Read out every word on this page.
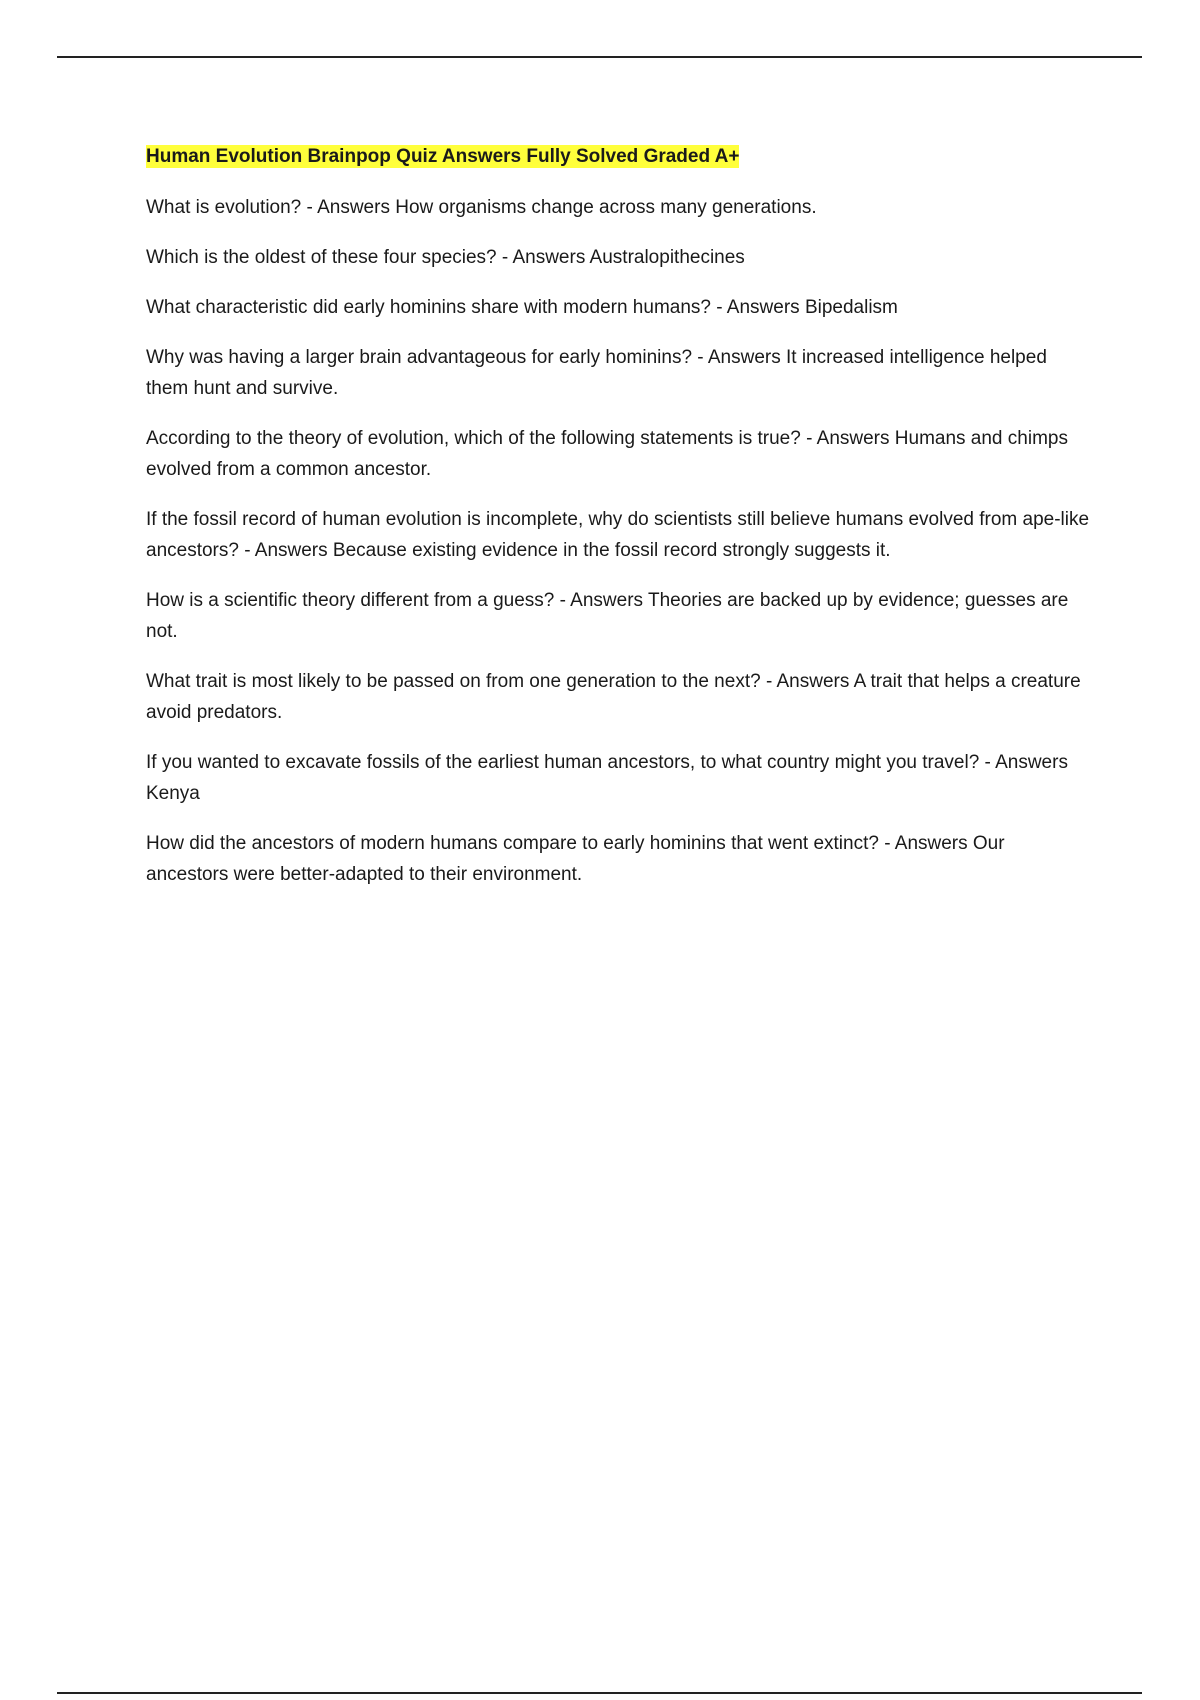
Human Evolution Brainpop Quiz Answers Fully Solved Graded A+

What is evolution? - Answers How organisms change across many generations.

Which is the oldest of these four species? - Answers Australopithecines

What characteristic did early hominins share with modern humans? - Answers Bipedalism

Why was having a larger brain advantageous for early hominins? - Answers It increased intelligence helped them hunt and survive.

According to the theory of evolution, which of the following statements is true? - Answers Humans and chimps evolved from a common ancestor.

If the fossil record of human evolution is incomplete, why do scientists still believe humans evolved from ape-like ancestors? - Answers Because existing evidence in the fossil record strongly suggests it.

How is a scientific theory different from a guess? - Answers Theories are backed up by evidence; guesses are not.

What trait is most likely to be passed on from one generation to the next? - Answers A trait that helps a creature avoid predators.

If you wanted to excavate fossils of the earliest human ancestors, to what country might you travel? - Answers Kenya

How did the ancestors of modern humans compare to early hominins that went extinct? - Answers Our ancestors were better-adapted to their environment.
